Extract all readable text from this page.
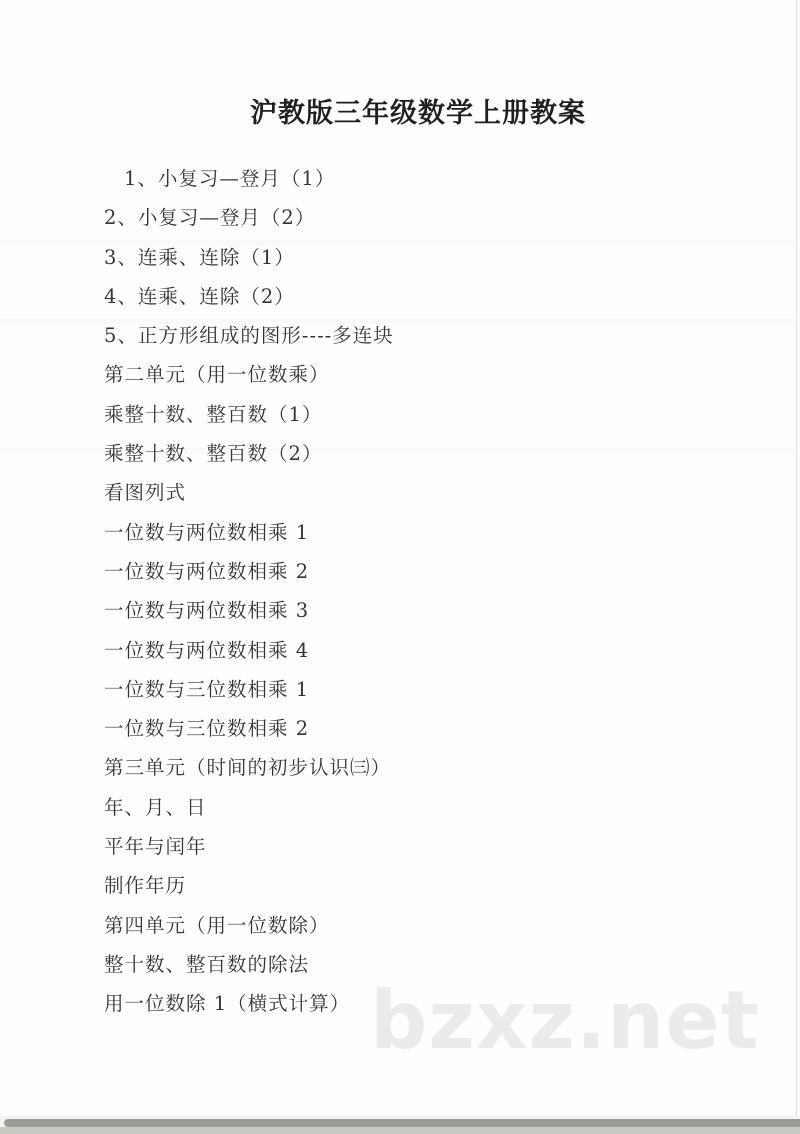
沪教版三年级数学上册教案
1、小复习—登月（1）
2、小复习—登月（2）
3、连乘、连除（1）
4、连乘、连除（2）
5、正方形组成的图形----多连块
第二单元（用一位数乘）
乘整十数、整百数（1）
乘整十数、整百数（2）
看图列式
一位数与两位数相乘 1
一位数与两位数相乘 2
一位数与两位数相乘 3
一位数与两位数相乘 4
一位数与三位数相乘 1
一位数与三位数相乘 2
第三单元（时间的初步认识㈢）
年、月、日
平年与闰年
制作年历
第四单元（用一位数除）
整十数、整百数的除法
用一位数除 1（横式计算） bzxz.net
